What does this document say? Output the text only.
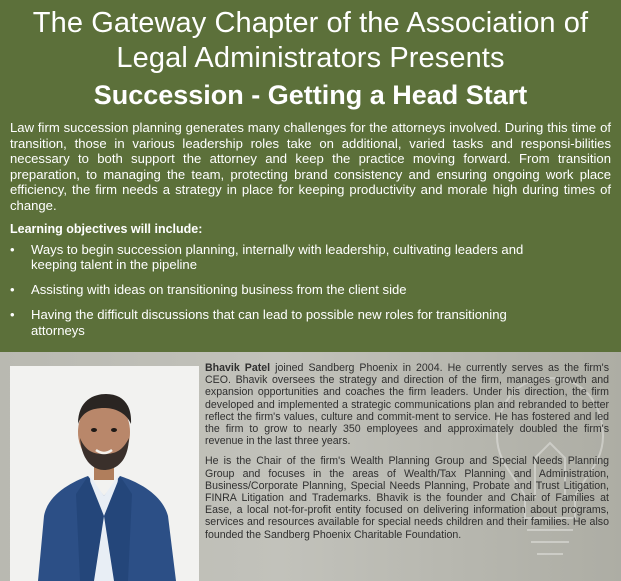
The Gateway Chapter of the Association of
Legal Administrators Presents
Succession - Getting a Head Start
Law firm succession planning generates many challenges for the attorneys involved. During this time of transition, those in various leadership roles take on additional, varied tasks and responsi-bilities necessary to both support the attorney and keep the practice moving forward. From transition preparation, to managing the team, protecting brand consistency and ensuring ongoing work place efficiency, the firm needs a strategy in place for keeping productivity and morale high during times of change.
Learning objectives will include:
•	Ways to begin succession planning, internally with leadership, cultivating leaders and keeping talent in the pipeline
•	Assisting with ideas on transitioning business from the client side
•	Having the difficult discussions that can lead to possible new roles for transitioning attorneys

Bhavik Patel joined Sandberg Phoenix in 2004. He currently serves as the firm's CEO. Bhavik oversees the strategy and direction of the firm, manages growth and expansion opportunities and coaches the firm leaders. Under his direction, the firm developed and implemented a strategic communications plan and rebranded to better reflect the firm's values, culture and commit-ment to service. He has fostered and led the firm to grow to nearly 350 employees and approximately doubled the firm's revenue in the last three years.

He is the Chair of the firm's Wealth Planning Group and Special Needs Planning Group and focuses in the areas of Wealth/Tax Planning and Administration, Business/Corporate Planning, Special Needs Planning, Probate and Trust Litigation, FINRA Litigation and Trademarks. Bhavik is the founder and Chair of Families at Ease, a local not-for-profit entity focused on delivering information about programs, services and resources available for special needs children and their families. He also founded the Sandberg Phoenix Charitable Foundation.
